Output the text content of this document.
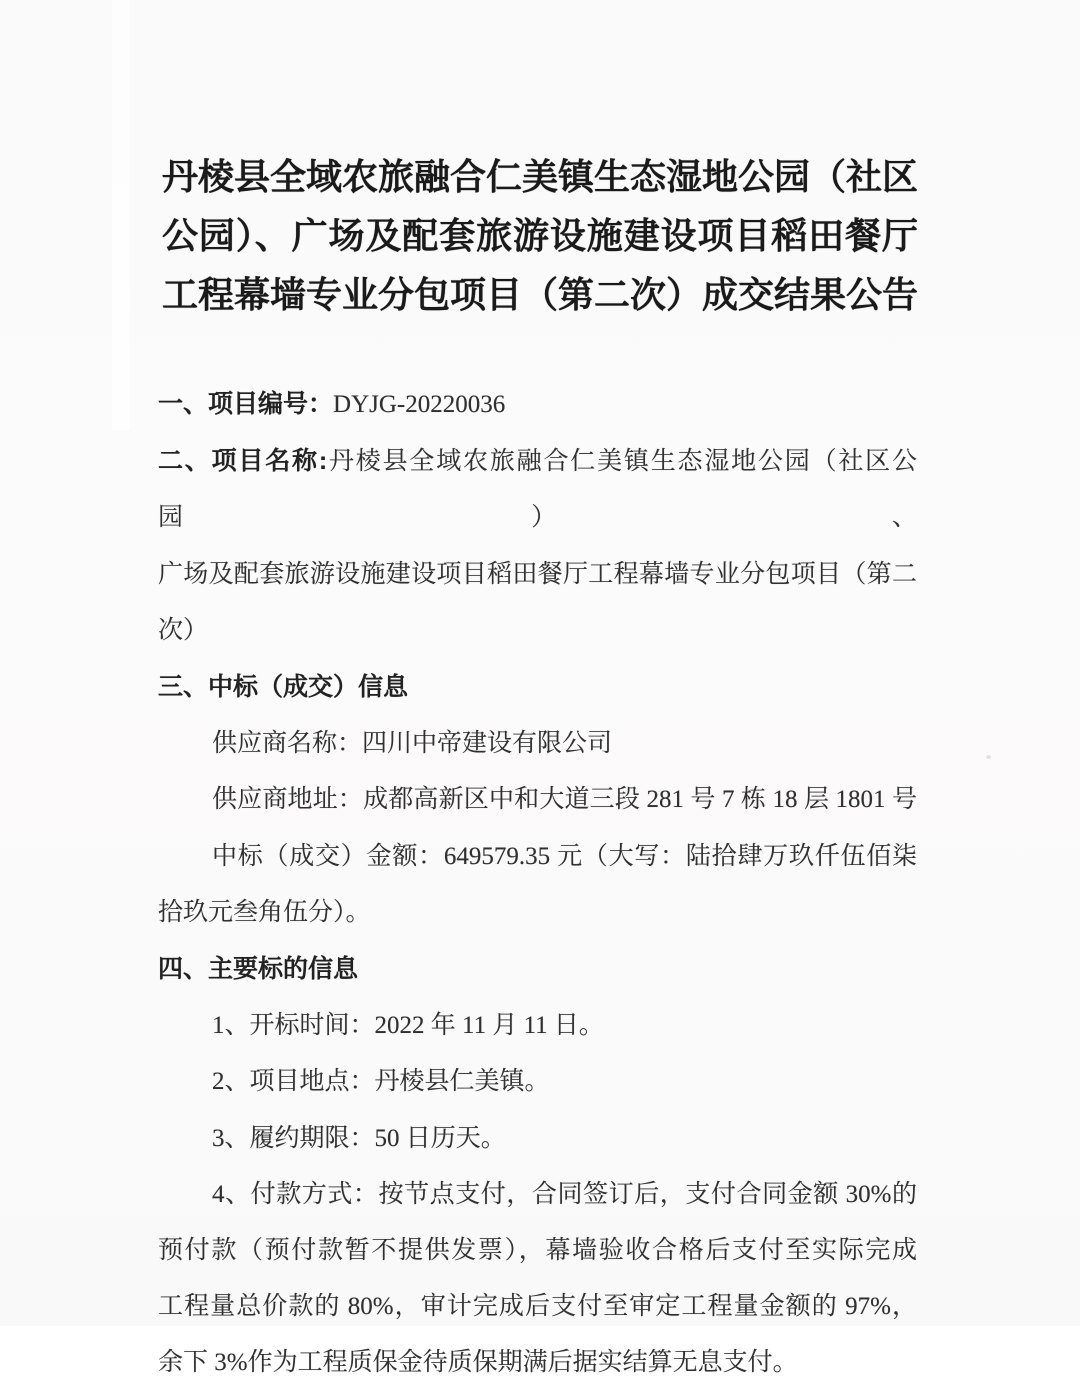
丹棱县全域农旅融合仁美镇生态湿地公园（社区
公园）、广场及配套旅游设施建设项目稻田餐厅
工程幕墙专业分包项目（第二次）成交结果公告
一、项目编号：DYJG-20220036
二、项目名称:丹棱县全域农旅融合仁美镇生态湿地公园（社区公园）、
广场及配套旅游设施建设项目稻田餐厅工程幕墙专业分包项目（第二
次）
三、中标（成交）信息
供应商名称：四川中帝建设有限公司
供应商地址：成都高新区中和大道三段 281 号 7 栋 18 层 1801 号
中标（成交）金额：649579.35 元（大写：陆拾肆万玖仟伍佰柒
拾玖元叁角伍分）。
四、主要标的信息
1、开标时间：2022 年 11 月 11 日。
2、项目地点：丹棱县仁美镇。
3、履约期限：50 日历天。
4、付款方式：按节点支付，合同签订后，支付合同金额 30%的
预付款（预付款暂不提供发票），幕墙验收合格后支付至实际完成
工程量总价款的 80%，审计完成后支付至审定工程量金额的 97%，
余下 3%作为工程质保金待质保期满后据实结算无息支付。
